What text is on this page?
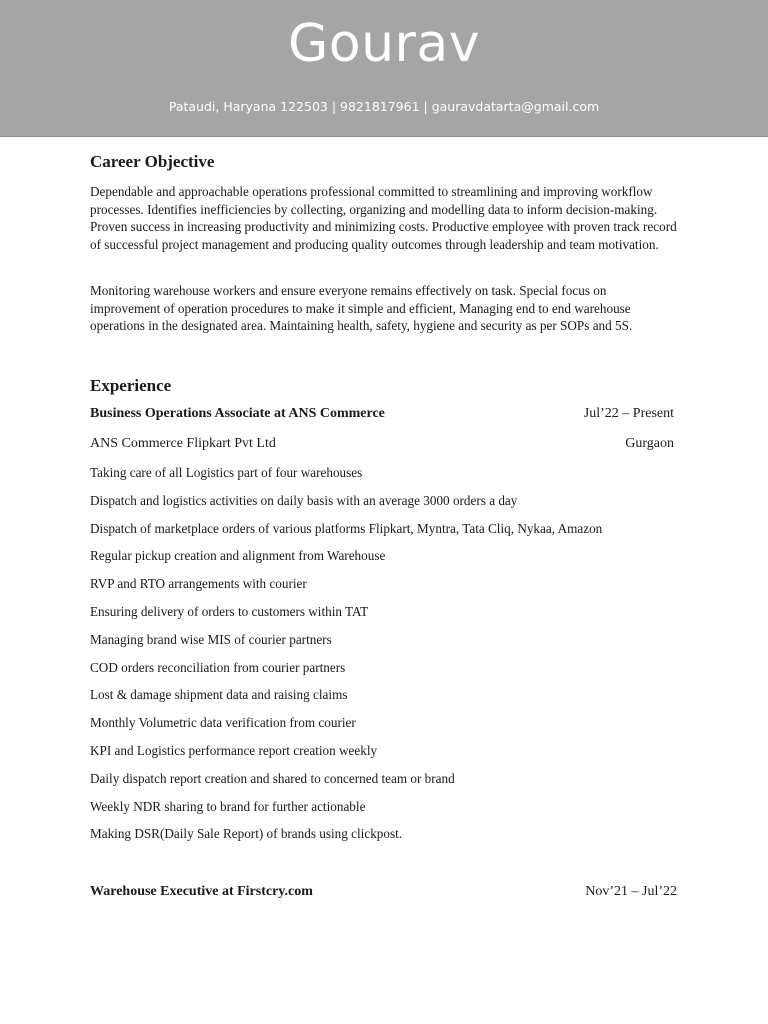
Gourav
Pataudi, Haryana 122503 | 9821817961 | gauravdatarta@gmail.com
Career Objective

Dependable and approachable operations professional committed to streamlining and improving workflow processes. Identifies inefficiencies by collecting, organizing and modelling data to inform decision-making. Proven success in increasing productivity and minimizing costs. Productive employee with proven track record of successful project management and producing quality outcomes through leadership and team motivation.

Monitoring warehouse workers and ensure everyone remains effectively on task. Special focus on improvement of operation procedures to make it simple and efficient, Managing end to end warehouse operations in the designated area. Maintaining health, safety, hygiene and security as per SOPs and 5S.

Experience
Business Operations Associate at ANS Commerce	Jul’22 – Present
ANS Commerce Flipkart Pvt Ltd	Gurgaon
Taking care of all Logistics part of four warehouses
Dispatch and logistics activities on daily basis with an average 3000 orders a day
Dispatch of marketplace orders of various platforms Flipkart, Myntra, Tata Cliq, Nykaa, Amazon
Regular pickup creation and alignment from Warehouse
RVP and RTO arrangements with courier
Ensuring delivery of orders to customers within TAT
Managing brand wise MIS of courier partners
COD orders reconciliation from courier partners
Lost & damage shipment data and raising claims
Monthly Volumetric data verification from courier
KPI and Logistics performance report creation weekly
Daily dispatch report creation and shared to concerned team or brand
Weekly NDR sharing to brand for further actionable
Making DSR(Daily Sale Report) of brands using clickpost.
Warehouse Executive at Firstcry.com	Nov’21 – Jul’22
